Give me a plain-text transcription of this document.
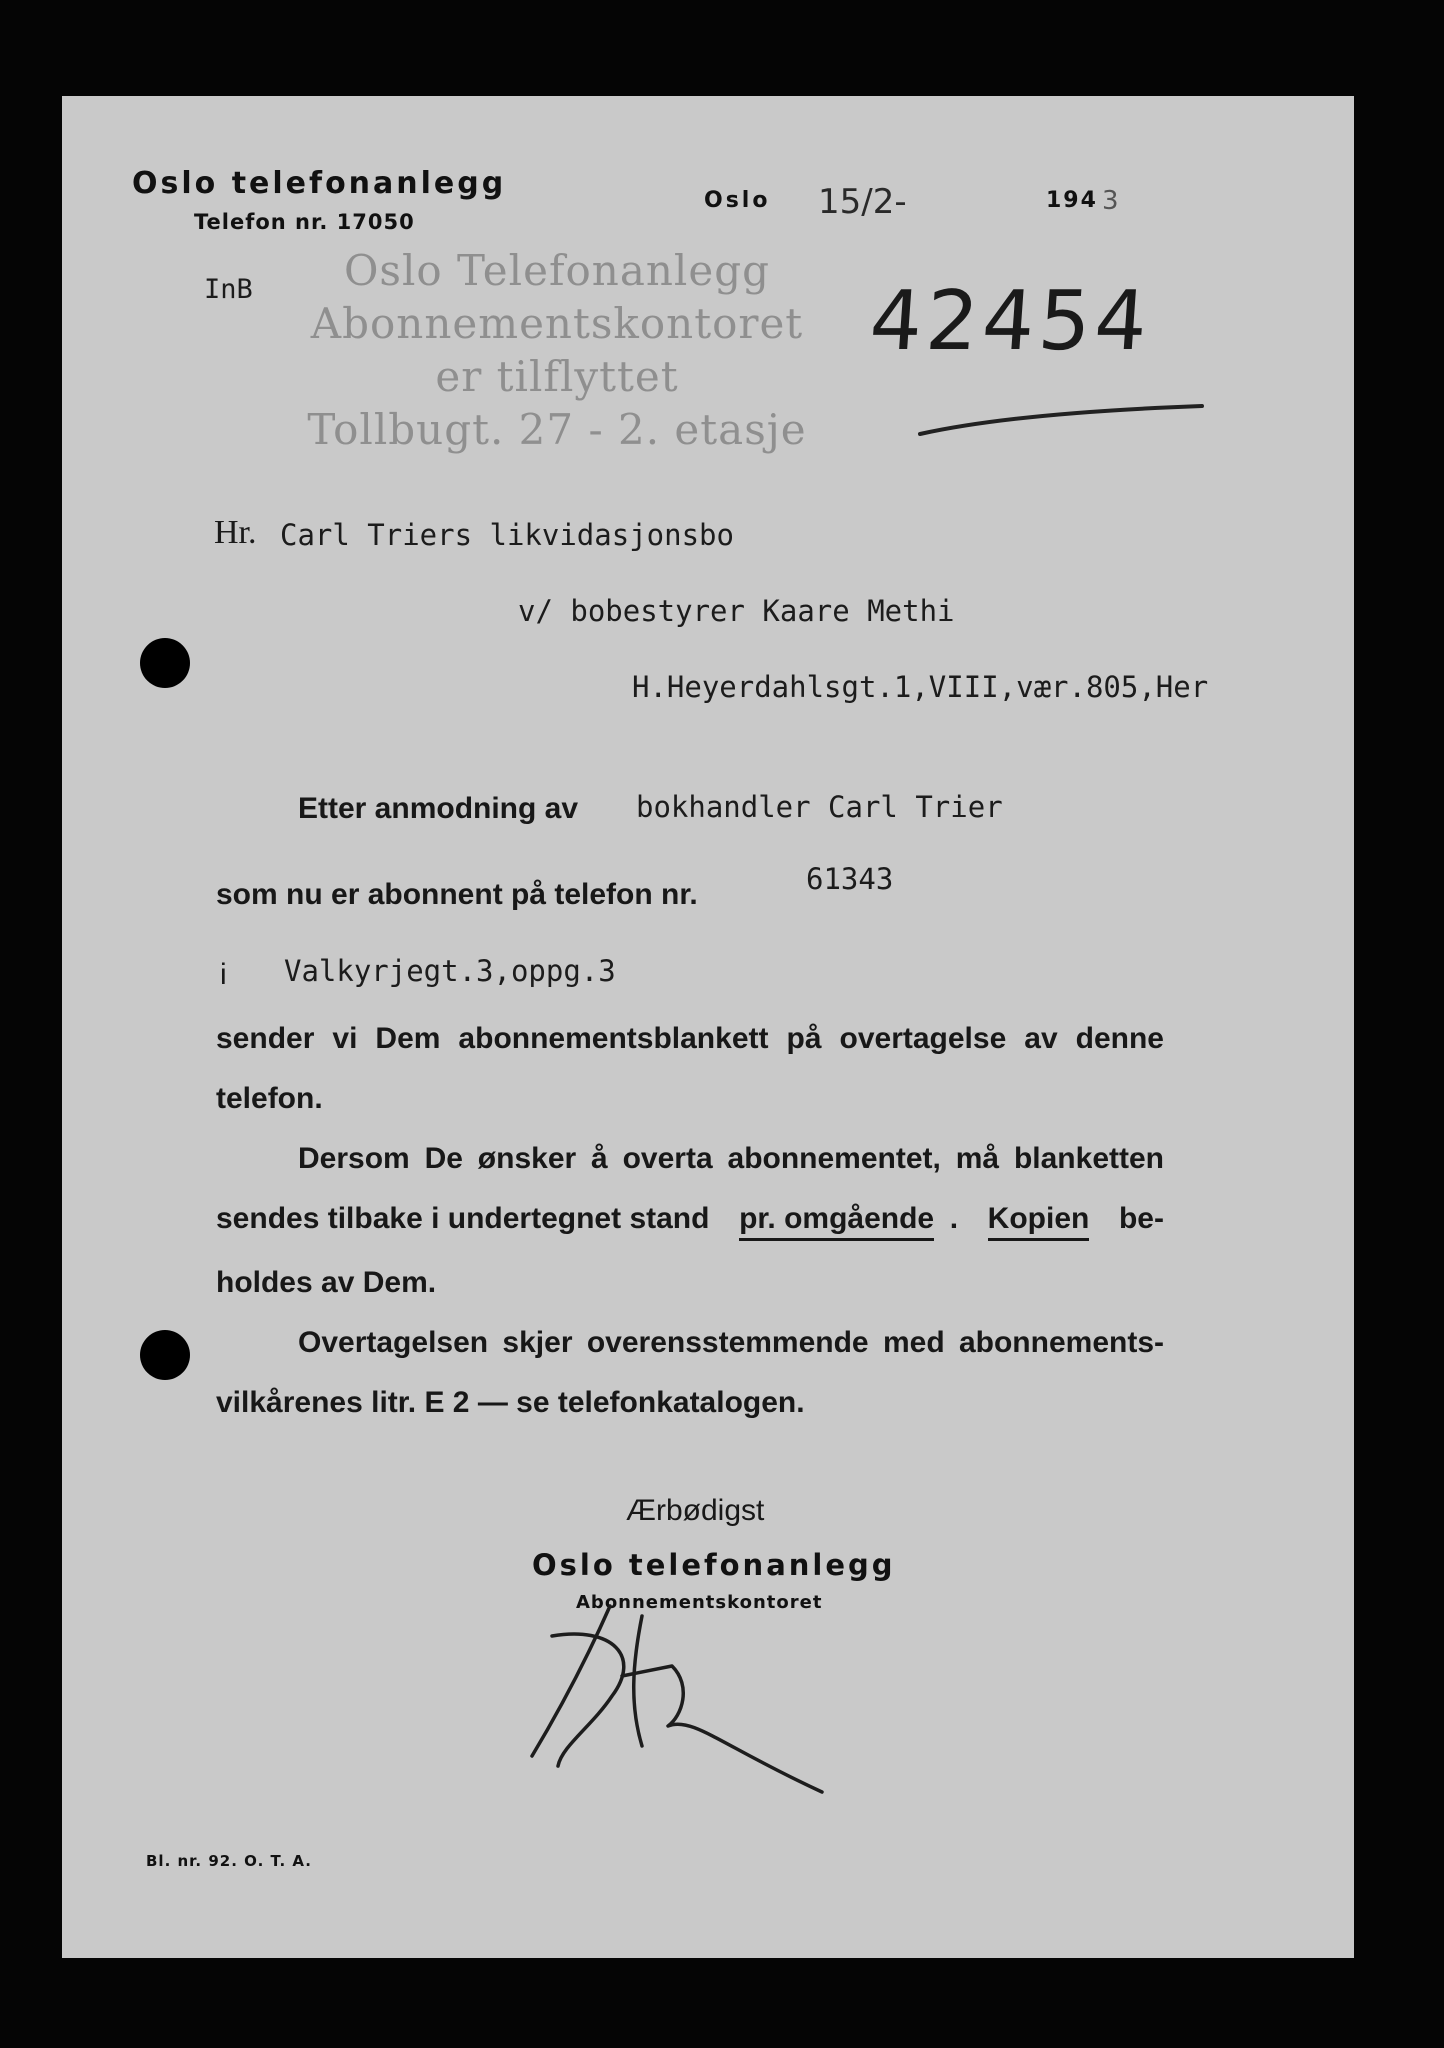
Oslo telefonanlegg
Telefon nr. 17050
Oslo 15/2-	194 3
InB	Oslo Telefonanlegg
Abonnementskontoret
er tilflyttet
Tollbugt. 27 - 2. etasje
42454
Hr. Carl Triers likvidasjonsbo
v/ bobestyrer Kaare Methi
H.Heyerdahlsgt.1,VIII,vær.805,Her
Etter anmodning av bokhandler Carl Trier
som nu er abonnent på telefon nr.	61343
i Valkyrjegt.3,oppg.3
sender vi Dem abonnementsblankett på overtagelse av denne
telefon.
Dersom De ønsker å overta abonnementet, må blanketten
sendes tilbake i undertegnet stand pr. omgående . Kopien be-
holdes av Dem.
Overtagelsen skjer overensstemmende med abonnements-
vilkårenes litr. E 2 — se telefonkatalogen.
Ærbødigst
Oslo telefonanlegg
Abonnementskontoret
Bl. nr. 92. O. T. A.
